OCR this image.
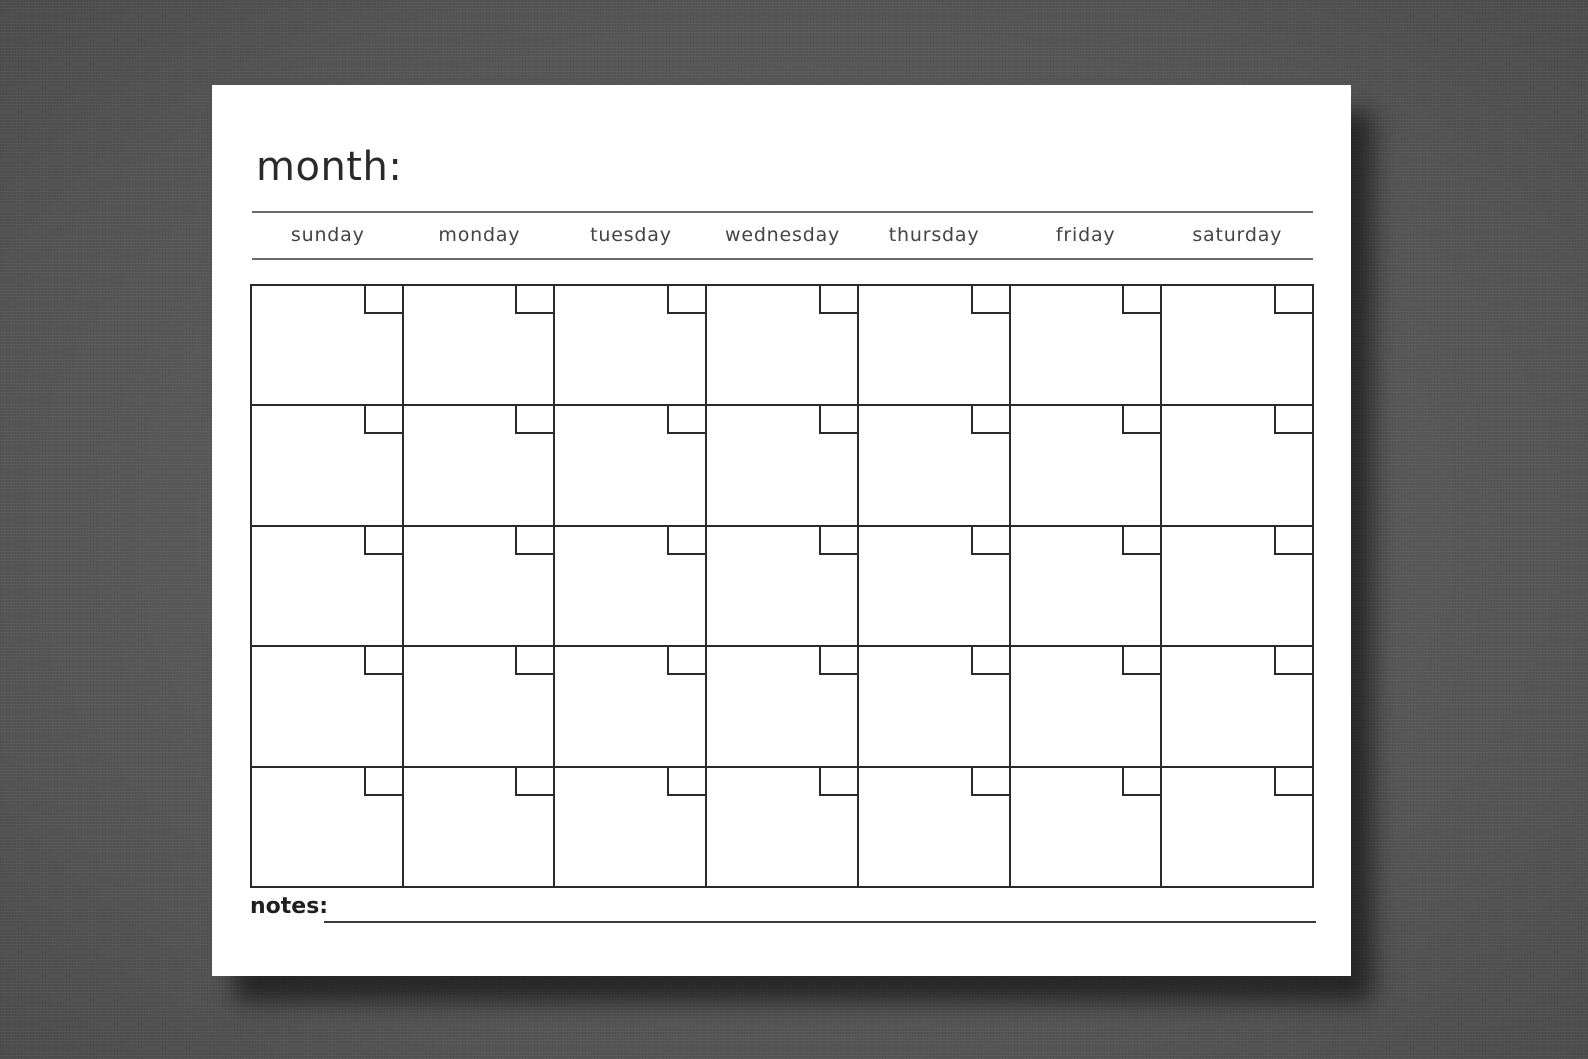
month:
sunday	monday	tuesday	wednesday	thursday	friday	saturday
notes:
